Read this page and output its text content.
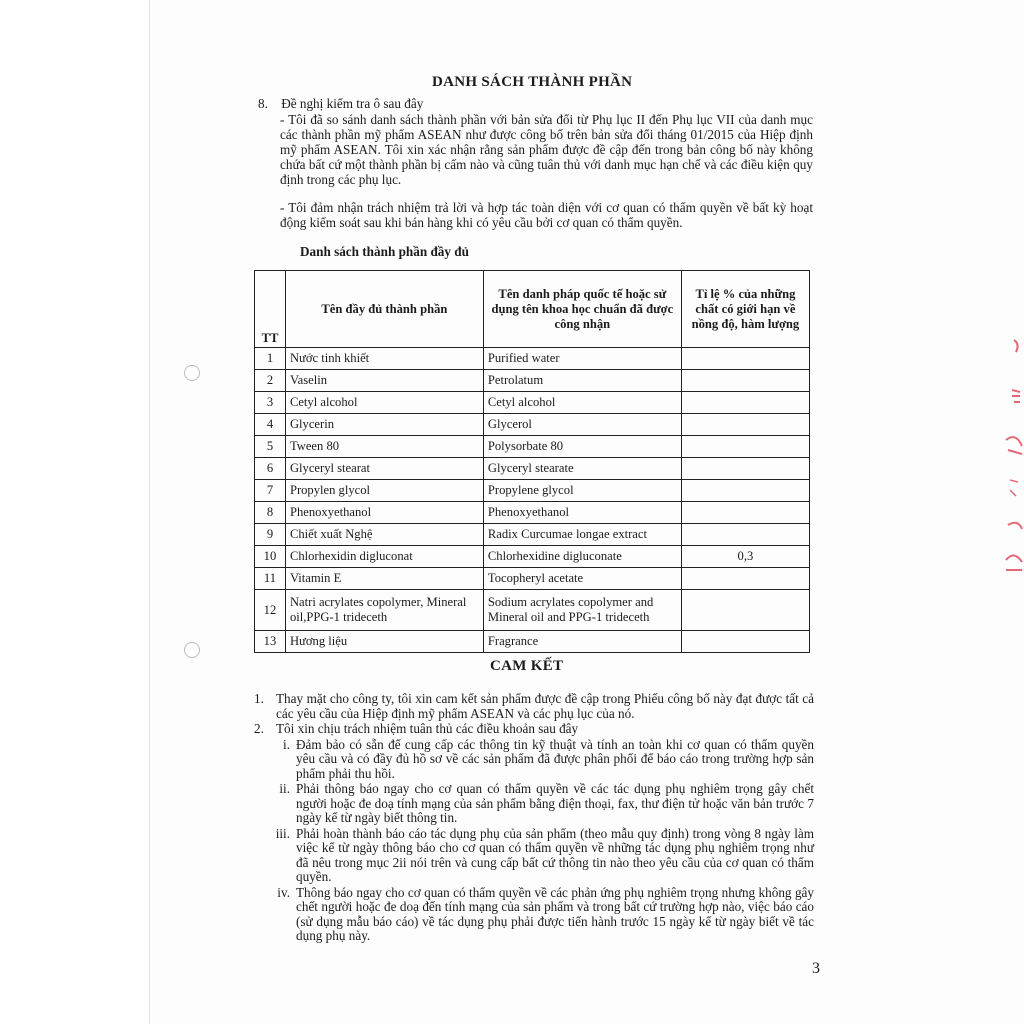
DANH SÁCH THÀNH PHẦN
8. Đề nghị kiểm tra ô sau đây
- Tôi đã so sánh danh sách thành phần với bản sửa đổi từ Phụ lục II đến Phụ lục VII của danh mục các thành phần mỹ phẩm ASEAN như được công bố trên bản sửa đổi tháng 01/2015 của Hiệp định mỹ phẩm ASEAN. Tôi xin xác nhận rằng sản phẩm được đề cập đến trong bản công bố này không chứa bất cứ một thành phần bị cấm nào và cũng tuân thủ với danh mục hạn chế và các điều kiện quy định trong các phụ lục.
- Tôi đảm nhận trách nhiệm trả lời và hợp tác toàn diện với cơ quan có thẩm quyền về bất kỳ hoạt động kiểm soát sau khi bán hàng khi có yêu cầu bởi cơ quan có thẩm quyền.
Danh sách thành phần đầy đủ
TT	Tên đầy đủ thành phần	Tên danh pháp quốc tế hoặc sử dụng tên khoa học chuẩn đã được công nhận	Tỉ lệ % của những chất có giới hạn về nồng độ, hàm lượng
1	Nước tinh khiết	Purified water	
2	Vaselin	Petrolatum	
3	Cetyl alcohol	Cetyl alcohol	
4	Glycerin	Glycerol	
5	Tween 80	Polysorbate 80	
6	Glyceryl stearat	Glyceryl stearate	
7	Propylen glycol	Propylene glycol	
8	Phenoxyethanol	Phenoxyethanol	
9	Chiết xuất Nghệ	Radix Curcumae longae extract	
10	Chlorhexidin digluconat	Chlorhexidine digluconate	0,3
11	Vitamin E	Tocopheryl acetate	
12	Natri acrylates copolymer, Mineral oil,PPG-1 trideceth	Sodium acrylates copolymer and Mineral oil and PPG-1 trideceth	
13	Hương liệu	Fragrance	
CAM KẾT
1. Thay mặt cho công ty, tôi xin cam kết sản phẩm được đề cập trong Phiếu công bố này đạt được tất cả các yêu cầu của Hiệp định mỹ phẩm ASEAN và các phụ lục của nó.
2. Tôi xin chịu trách nhiệm tuân thủ các điều khoản sau đây
i. Đảm bảo có sẵn để cung cấp các thông tin kỹ thuật và tính an toàn khi cơ quan có thẩm quyền yêu cầu và có đầy đủ hồ sơ về các sản phẩm đã được phân phối để báo cáo trong trường hợp sản phẩm phải thu hồi.
ii. Phải thông báo ngay cho cơ quan có thẩm quyền về các tác dụng phụ nghiêm trọng gây chết người hoặc đe doạ tính mạng của sản phẩm bằng điện thoại, fax, thư điện tử hoặc văn bản trước 7 ngày kể từ ngày biết thông tin.
iii. Phải hoàn thành báo cáo tác dụng phụ của sản phẩm (theo mẫu quy định) trong vòng 8 ngày làm việc kể từ ngày thông báo cho cơ quan có thẩm quyền về những tác dụng phụ nghiêm trọng như đã nêu trong mục 2ii nói trên và cung cấp bất cứ thông tin nào theo yêu cầu của cơ quan có thẩm quyền.
iv. Thông báo ngay cho cơ quan có thẩm quyền về các phản ứng phụ nghiêm trọng nhưng không gây chết người hoặc đe doạ đến tính mạng của sản phẩm và trong bất cứ trường hợp nào, việc báo cáo (sử dụng mẫu báo cáo) về tác dụng phụ phải được tiến hành trước 15 ngày kể từ ngày biết về tác dụng phụ này.
3
